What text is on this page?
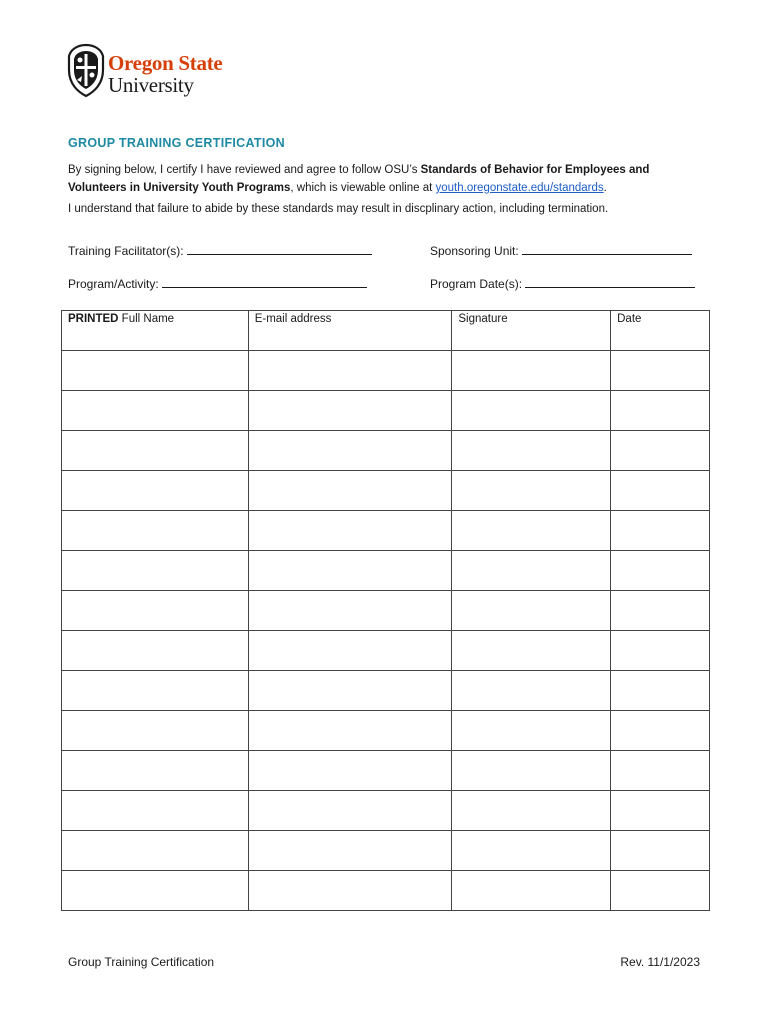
Oregon State
University
GROUP TRAINING CERTIFICATION
By signing below, I certify I have reviewed and agree to follow OSU’s Standards of Behavior for Employees and Volunteers in University Youth Programs, which is viewable online at youth.oregonstate.edu/standards.
I understand that failure to abide by these standards may result in discplinary action, including termination.
Training Facilitator(s):	Sponsoring Unit:
Program/Activity:	Program Date(s):
PRINTED Full Name	E-mail address	Signature	Date

Group Training Certification	Rev. 11/1/2023
